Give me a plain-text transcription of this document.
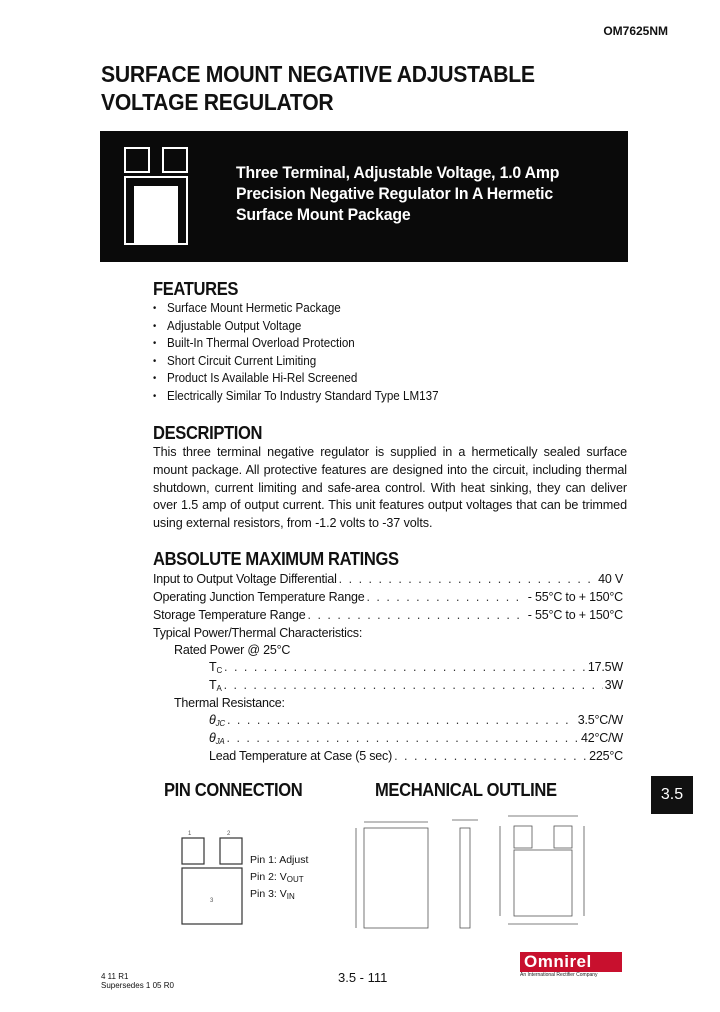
OM7625NM
SURFACE MOUNT NEGATIVE ADJUSTABLE
VOLTAGE REGULATOR
Three Terminal, Adjustable Voltage, 1.0 Amp
Precision Negative Regulator In A Hermetic
Surface Mount Package
FEATURES
• Surface Mount Hermetic Package
• Adjustable Output Voltage
• Built-In Thermal Overload Protection
• Short Circuit Current Limiting
• Product Is Available Hi-Rel Screened
• Electrically Similar To Industry Standard Type LM137
DESCRIPTION
This three terminal negative regulator is supplied in a hermetically sealed surface mount package. All protective features are designed into the circuit, including thermal shutdown, current limiting and safe-area control. With heat sinking, they can deliver over 1.5 amp of output current. This unit features output voltages that can be trimmed using external resistors, from -1.2 volts to -37 volts.
ABSOLUTE MAXIMUM RATINGS
Input to Output Voltage Differential . . .	40 V
Operating Junction Temperature Range . . .	- 55°C to + 150°C
Storage Temperature Range . . .	- 55°C to + 150°C
Typical Power/Thermal Characteristics:
Rated Power @ 25°C
$T_C$ . . .	17.5W
$T_A$ . . .	3W
Thermal Resistance:
$\theta_{JC}$ . . .	3.5°C/W
$\theta_{JA}$ . . .	42°C/W
Lead Temperature at Case (5 sec) . . .	225°C
3.5
PIN CONNECTION	MECHANICAL OUTLINE
1	2
3
Pin 1: Adjust
Pin 2: $V_{OUT}$
Pin 3: $V_{IN}$
4 11 R1
Supersedes 1 05 R0
3.5 - 111
Omnirel
An International Rectifier Company
